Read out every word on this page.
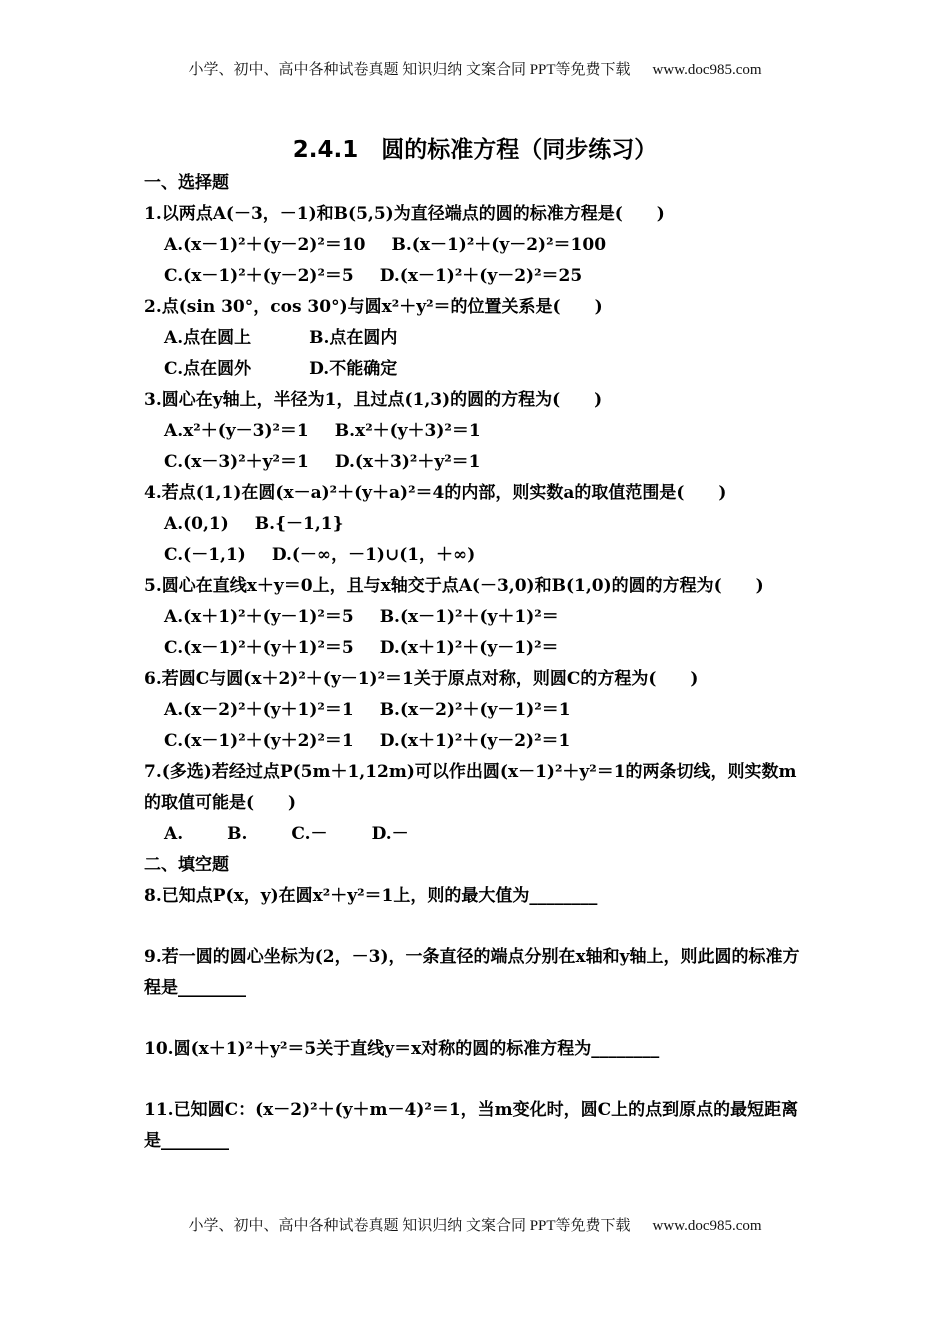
小学、初中、高中各种试卷真题 知识归纳 文案合同 PPT等免费下载 www.doc985.com
2.4.1　圆的标准方程（同步练习）
一、选择题
1.以两点A(－3，－1)和B(5,5)为直径端点的圆的标准方程是(　　)
A.(x－1)²＋(y－2)²＝10 B.(x－1)²＋(y－2)²＝100
C.(x－1)²＋(y－2)²＝5 D.(x－1)²＋(y－2)²＝25
2.点(sin 30°，cos 30°)与圆x²＋y²＝的位置关系是(　　)
A.点在圆上	B.点在圆内
C.点在圆外	D.不能确定
3.圆心在y轴上，半径为1，且过点(1,3)的圆的方程为(　　)
A.x²＋(y－3)²＝1 B.x²＋(y＋3)²＝1
C.(x－3)²＋y²＝1 D.(x＋3)²＋y²＝1
4.若点(1,1)在圆(x－a)²＋(y＋a)²＝4的内部，则实数a的取值范围是(　　)
A.(0,1) B.{－1,1}
C.(－1,1) D.(－∞，－1)∪(1，＋∞)
5.圆心在直线x＋y＝0上，且与x轴交于点A(－3,0)和B(1,0)的圆的方程为(　　)
A.(x＋1)²＋(y－1)²＝5 B.(x－1)²＋(y＋1)²＝
C.(x－1)²＋(y＋1)²＝5 D.(x＋1)²＋(y－1)²＝
6.若圆C与圆(x＋2)²＋(y－1)²＝1关于原点对称，则圆C的方程为(　　)
A.(x－2)²＋(y＋1)²＝1 B.(x－2)²＋(y－1)²＝1
C.(x－1)²＋(y＋2)²＝1 D.(x＋1)²＋(y－2)²＝1
7.(多选)若经过点P(5m＋1,12m)可以作出圆(x－1)²＋y²＝1的两条切线，则实数m的取值可能是(　　)
A.	B.	C.－	D.－
二、填空题
8.已知点P(x，y)在圆x²＋y²＝1上，则的最大值为________
9.若一圆的圆心坐标为(2，－3)，一条直径的端点分别在x轴和y轴上，则此圆的标准方程是________
10.圆(x＋1)²＋y²＝5关于直线y＝x对称的圆的标准方程为________
11.已知圆C：(x－2)²＋(y＋m－4)²＝1，当m变化时，圆C上的点到原点的最短距离是________
小学、初中、高中各种试卷真题 知识归纳 文案合同 PPT等免费下载 www.doc985.com
